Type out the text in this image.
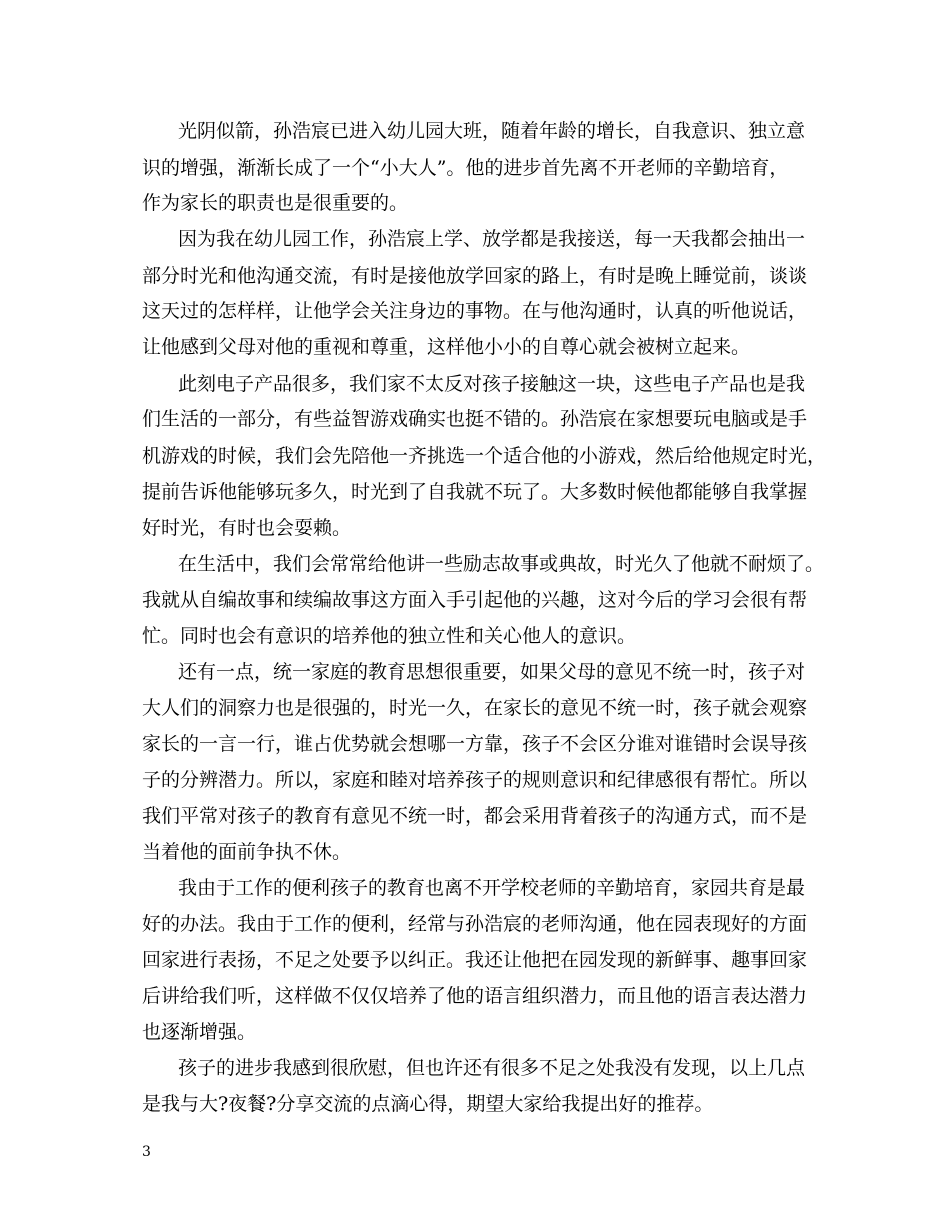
光阴似箭，孙浩宸已进入幼儿园大班，随着年龄的增长，自我意识、独立意
识的增强，渐渐长成了一个“小大人”。他的进步首先离不开老师的辛勤培育，
作为家长的职责也是很重要的。
因为我在幼儿园工作，孙浩宸上学、放学都是我接送，每一天我都会抽出一
部分时光和他沟通交流，有时是接他放学回家的路上，有时是晚上睡觉前，谈谈
这天过的怎样样，让他学会关注身边的事物。在与他沟通时，认真的听他说话，
让他感到父母对他的重视和尊重，这样他小小的自尊心就会被树立起来。
此刻电子产品很多，我们家不太反对孩子接触这一块，这些电子产品也是我
们生活的一部分，有些益智游戏确实也挺不错的。孙浩宸在家想要玩电脑或是手
机游戏的时候，我们会先陪他一齐挑选一个适合他的小游戏，然后给他规定时光，
提前告诉他能够玩多久，时光到了自我就不玩了。大多数时候他都能够自我掌握
好时光，有时也会耍赖。
在生活中，我们会常常给他讲一些励志故事或典故，时光久了他就不耐烦了。
我就从自编故事和续编故事这方面入手引起他的兴趣，这对今后的学习会很有帮
忙。同时也会有意识的培养他的独立性和关心他人的意识。
还有一点，统一家庭的教育思想很重要，如果父母的意见不统一时，孩子对
大人们的洞察力也是很强的，时光一久，在家长的意见不统一时，孩子就会观察
家长的一言一行，谁占优势就会想哪一方靠，孩子不会区分谁对谁错时会误导孩
子的分辨潜力。所以，家庭和睦对培养孩子的规则意识和纪律感很有帮忙。所以
我们平常对孩子的教育有意见不统一时，都会采用背着孩子的沟通方式，而不是
当着他的面前争执不休。
我由于工作的便利孩子的教育也离不开学校老师的辛勤培育，家园共育是最
好的办法。我由于工作的便利，经常与孙浩宸的老师沟通，他在园表现好的方面
回家进行表扬，不足之处要予以纠正。我还让他把在园发现的新鲜事、趣事回家
后讲给我们听，这样做不仅仅培养了他的语言组织潜力，而且他的语言表达潜力
也逐渐增强。
孩子的进步我感到很欣慰，但也许还有很多不足之处我没有发现，以上几点
是我与大?夜餐?分享交流的点滴心得，期望大家给我提出好的推荐。
3
